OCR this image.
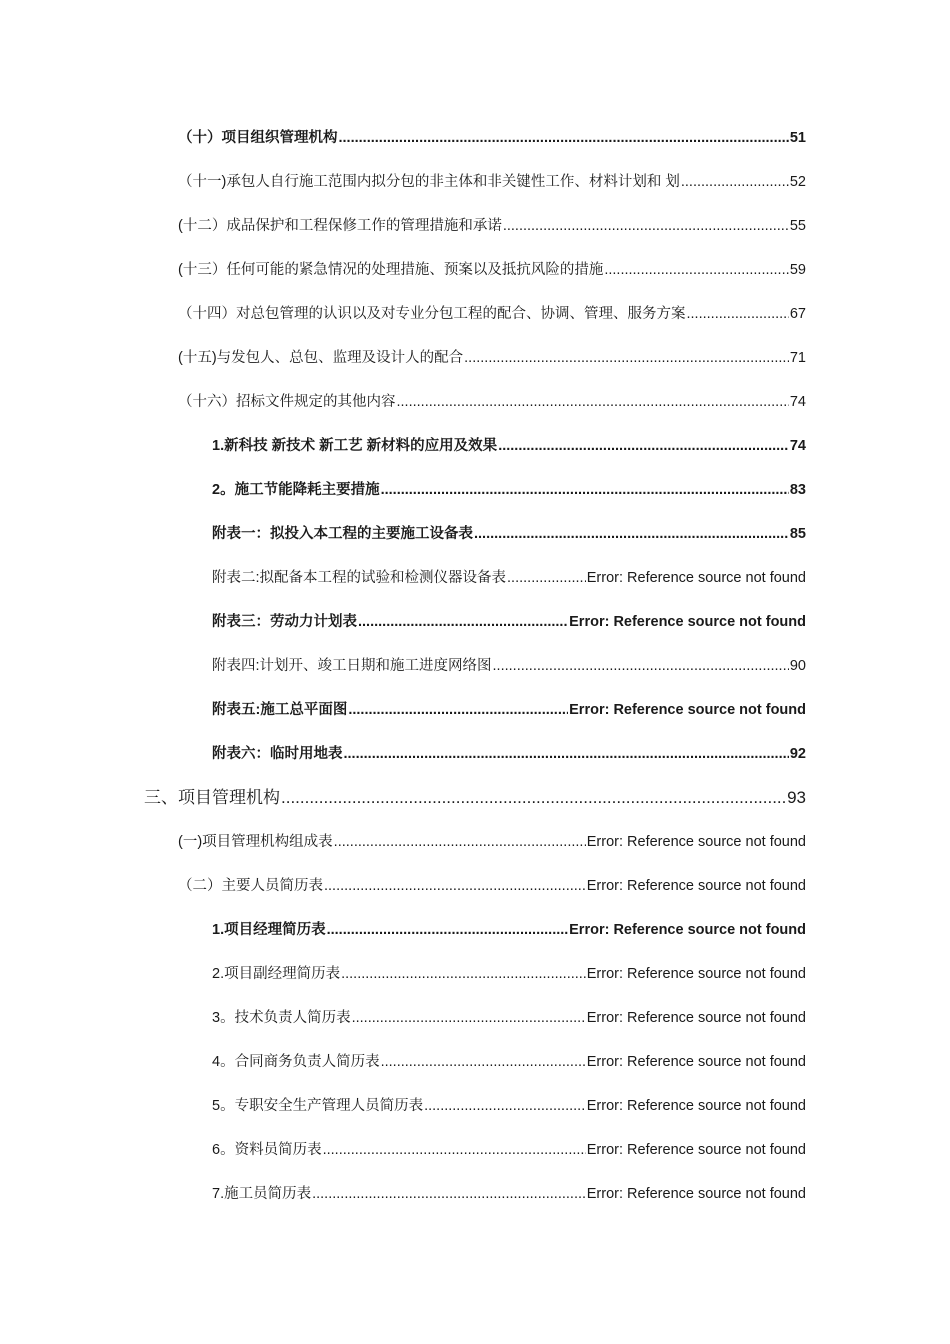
（十）项目组织管理机构 .....	51
（十一)承包人自行施工范围内拟分包的非主体和非关键性工作、材料计划和 划 .....	52
(十二）成品保护和工程保修工作的管理措施和承诺 .....	55
(十三）任何可能的紧急情况的处理措施、预案以及抵抗风险的措施 .....	59
（十四）对总包管理的认识以及对专业分包工程的配合、协调、管理、服务方案 .....	67
(十五)与发包人、总包、监理及设计人的配合 .....	71
（十六）招标文件规定的其他内容 .....	74
1.新科技 新技术 新工艺 新材料的应用及效果 .....	74
2。施工节能降耗主要措施 .....	83
附表一：拟投入本工程的主要施工设备表 .....	85
附表二:拟配备本工程的试验和检测仪器设备表 .....	Error: Reference source not found
附表三：劳动力计划表 .....	Error: Reference source not found
附表四:计划开、竣工日期和施工进度网络图 .....	90
附表五:施工总平面图 .....	Error: Reference source not found
附表六：临时用地表 .....	92
三、项目管理机构 .....	93
(一)项目管理机构组成表 .....	Error: Reference source not found
（二）主要人员简历表 .....	Error: Reference source not found
1.项目经理简历表 .....	Error: Reference source not found
2.项目副经理简历表 .....	Error: Reference source not found
3。技术负责人简历表 .....	Error: Reference source not found
4。合同商务负责人简历表 .....	Error: Reference source not found
5。专职安全生产管理人员简历表 .....	Error: Reference source not found
6。资料员简历表 .....	Error: Reference source not found
7.施工员简历表 .....	Error: Reference source not found
